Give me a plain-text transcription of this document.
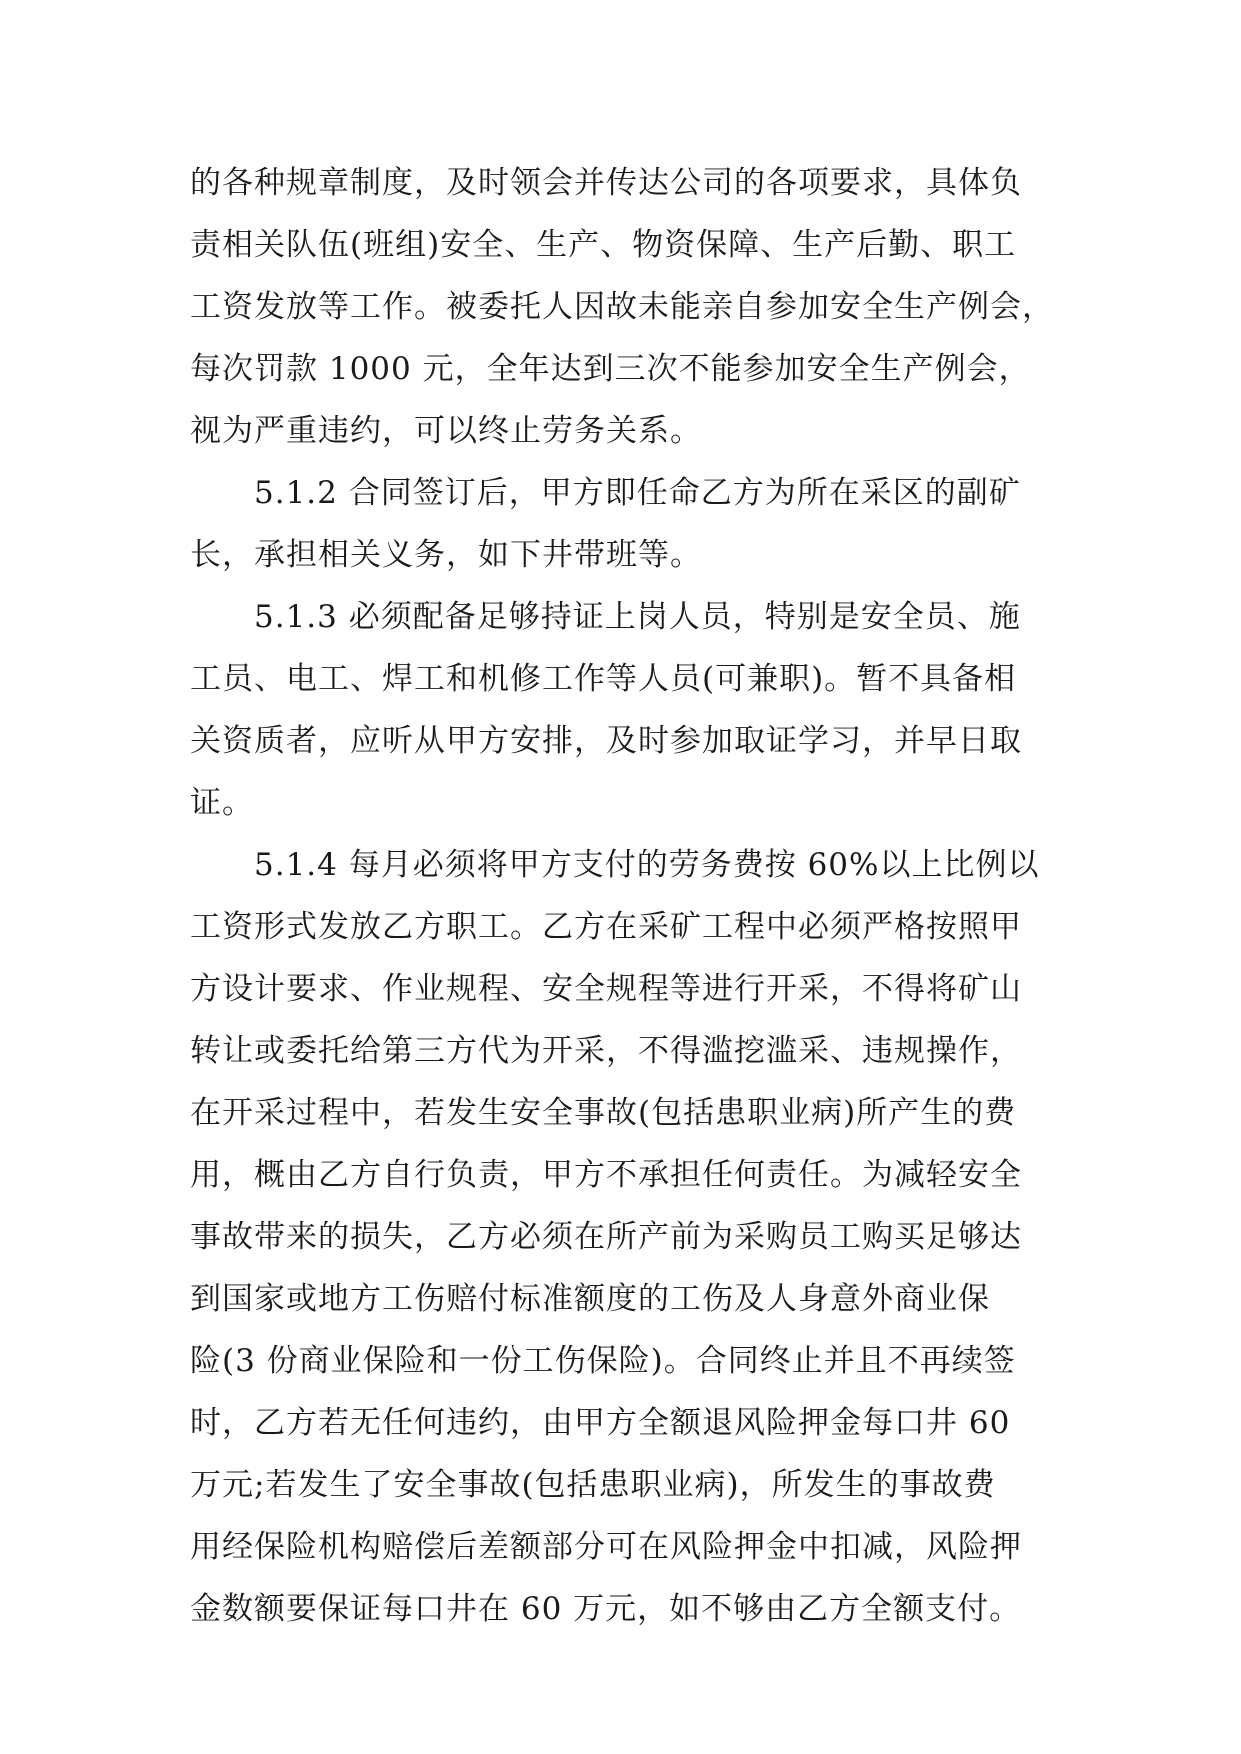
的各种规章制度，及时领会并传达公司的各项要求，具体负
责相关队伍(班组)安全、生产、物资保障、生产后勤、职工
工资发放等工作。被委托人因故未能亲自参加安全生产例会，
每次罚款 1000 元，全年达到三次不能参加安全生产例会，
视为严重违约，可以终止劳务关系。
5.1.2 合同签订后，甲方即任命乙方为所在采区的副矿
长，承担相关义务，如下井带班等。
5.1.3 必须配备足够持证上岗人员，特别是安全员、施
工员、电工、焊工和机修工作等人员(可兼职)。暂不具备相
关资质者，应听从甲方安排，及时参加取证学习，并早日取
证。
5.1.4 每月必须将甲方支付的劳务费按 60%以上比例以
工资形式发放乙方职工。乙方在采矿工程中必须严格按照甲
方设计要求、作业规程、安全规程等进行开采，不得将矿山
转让或委托给第三方代为开采，不得滥挖滥采、违规操作，
在开采过程中，若发生安全事故(包括患职业病)所产生的费
用，概由乙方自行负责，甲方不承担任何责任。为减轻安全
事故带来的损失，乙方必须在所产前为采购员工购买足够达
到国家或地方工伤赔付标准额度的工伤及人身意外商业保
险(3 份商业保险和一份工伤保险)。合同终止并且不再续签
时，乙方若无任何违约，由甲方全额退风险押金每口井 60
万元;若发生了安全事故(包括患职业病)，所发生的事故费
用经保险机构赔偿后差额部分可在风险押金中扣减，风险押
金数额要保证每口井在 60 万元，如不够由乙方全额支付。
